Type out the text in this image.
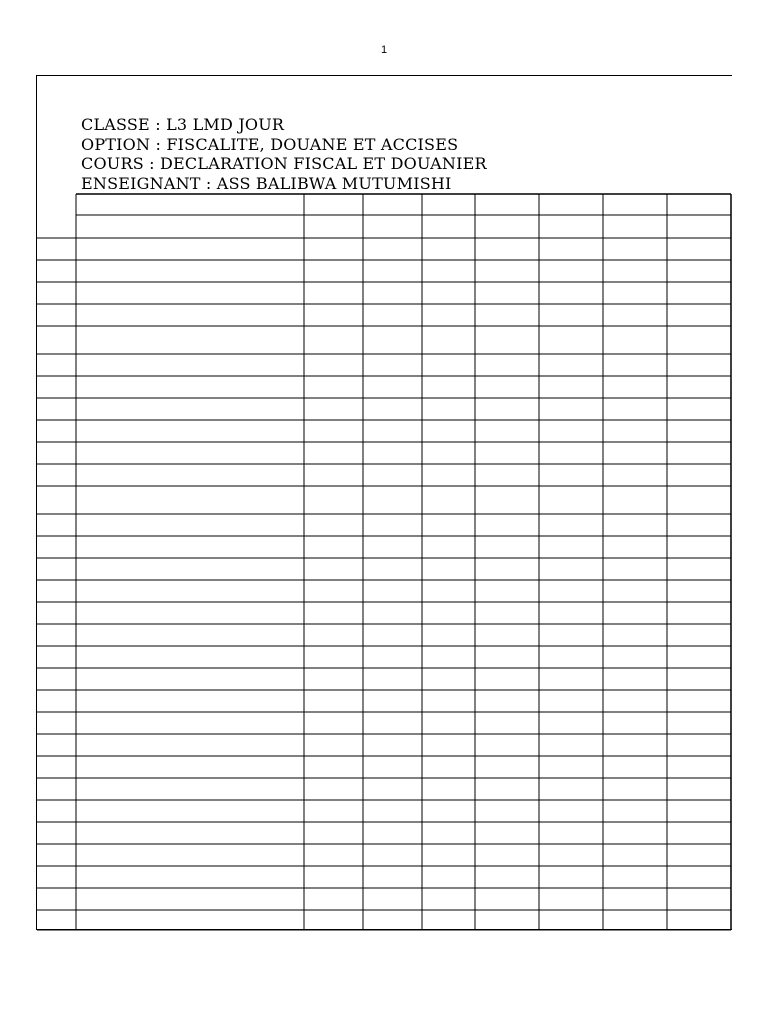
1
CLASSE : L3 LMD JOUR
OPTION : FISCALITE, DOUANE ET ACCISES
COURS : DECLARATION FISCAL ET DOUANIER
ENSEIGNANT : ASS BALIBWA MUTUMISHI
